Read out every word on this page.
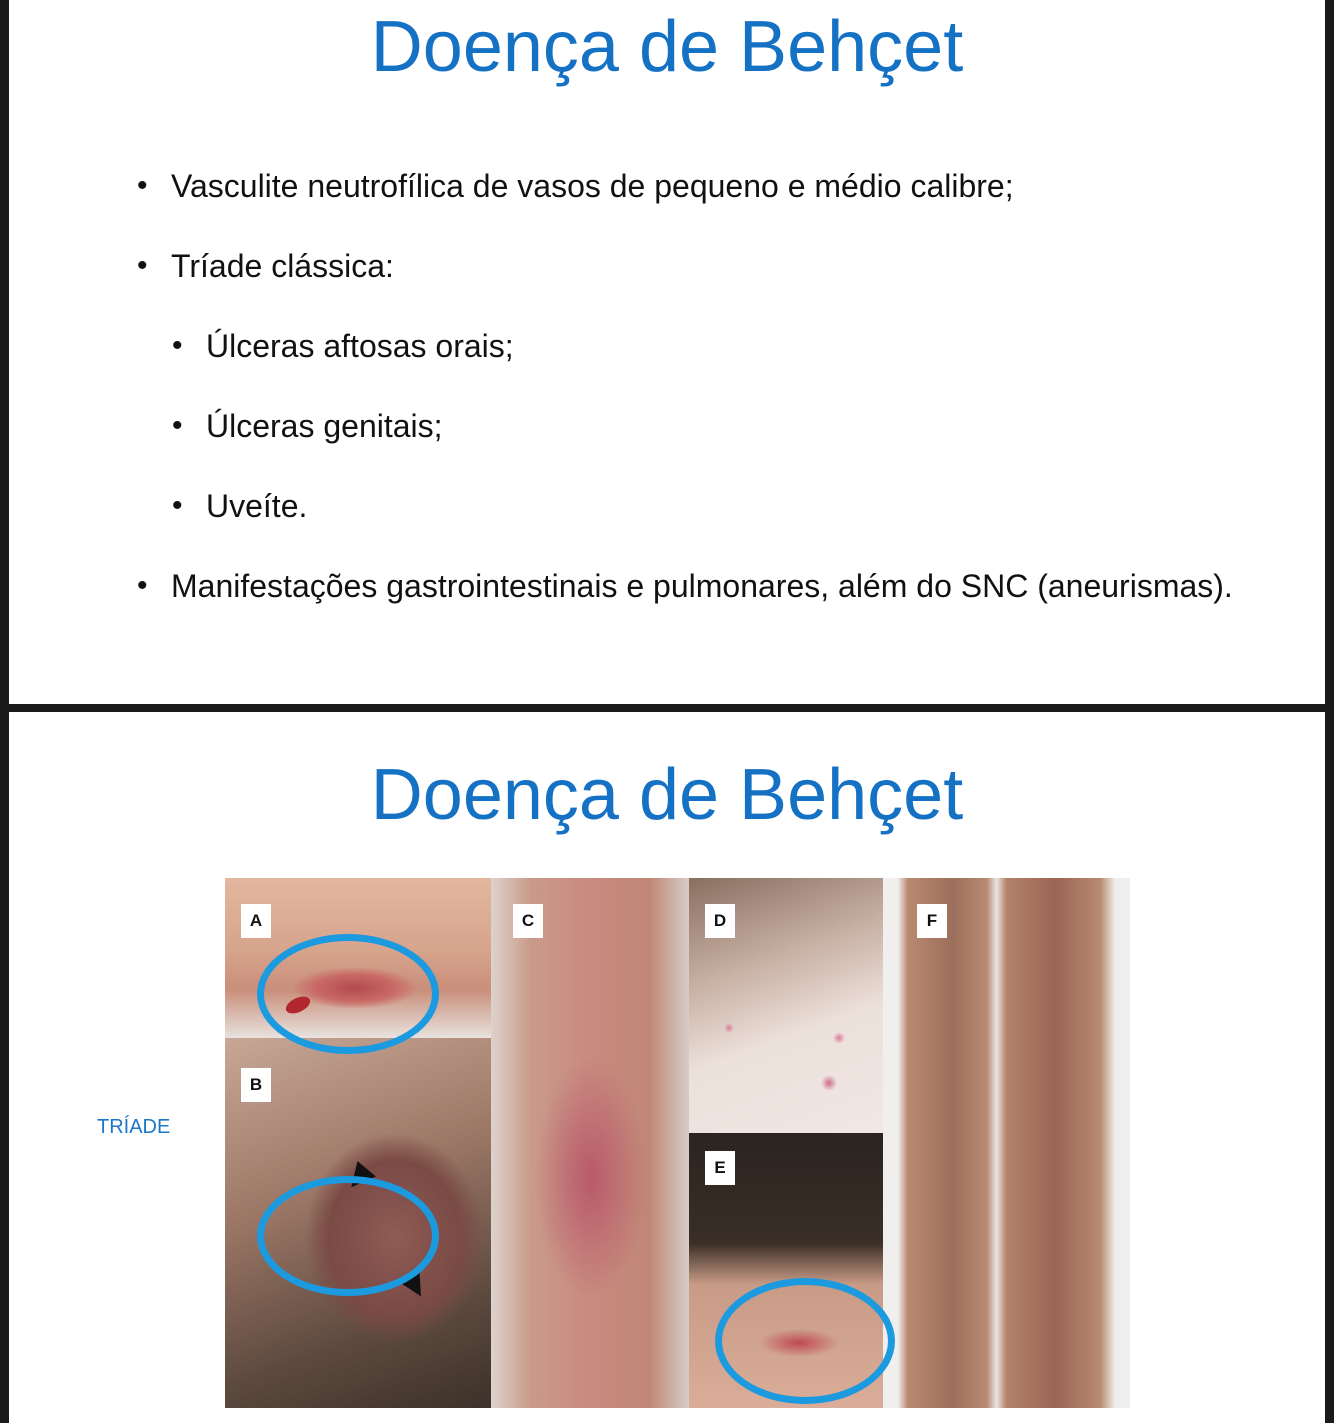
Doença de Behçet
• Vasculite neutrofílica de vasos de pequeno e médio calibre;
• Tríade clássica:
• Úlceras aftosas orais;
• Úlceras genitais;
• Uveíte.
• Manifestações gastrointestinais e pulmonares, além do SNC (aneurismas).
Doença de Behçet
TRÍADE
A
B
C	D
E
F
